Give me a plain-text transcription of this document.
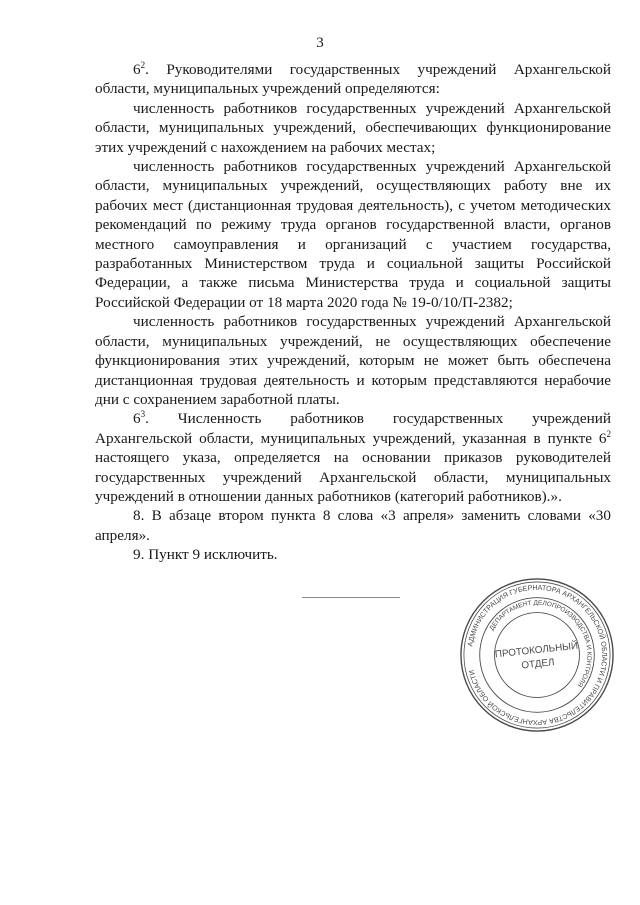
3

$6^2$. Руководителями государственных учреждений Архангельской области, муниципальных учреждений определяются:

численность работников государственных учреждений Архангельской области, муниципальных учреждений, обеспечивающих функционирование этих учреждений с нахождением на рабочих местах;

численность работников государственных учреждений Архангельской области, муниципальных учреждений, осуществляющих работу вне их рабочих мест (дистанционная трудовая деятельность), с учетом методических рекомендаций по режиму труда органов государственной власти, органов местного самоуправления и организаций с участием государства, разработанных Министерством труда и социальной защиты Российской Федерации, а также письма Министерства труда и социальной защиты Российской Федерации от 18 марта 2020 года № 19-0/10/П-2382;

численность работников государственных учреждений Архангельской области, муниципальных учреждений, не осуществляющих обеспечение функционирования этих учреждений, которым не может быть обеспечена дистанционная трудовая деятельность и которым представляются нерабочие дни с сохранением заработной платы.

$6^3$. Численность работников государственных учреждений Архангельской области, муниципальных учреждений, указанная в пункте $6^2$ настоящего указа, определяется на основании приказов руководителей государственных учреждений Архангельской области, муниципальных учреждений в отношении данных работников (категорий работников).».

8. В абзаце втором пункта 8 слова «3 апреля» заменить словами «30 апреля».

9. Пункт 9 исключить.

АДМИНИСТРАЦИЯ ГУБЕРНАТОРА АРХАНГЕЛЬСКОЙ ОБЛАСТИ И ПРАВИТЕЛЬСТВА АРХАНГЕЛЬСКОЙ ОБЛАСТИ
ДЕПАРТАМЕНТ ДЕЛОПРОИЗВОДСТВА И КОНТРОЛЯ
ПРОТОКОЛЬНЫЙ
ОТДЕЛ
